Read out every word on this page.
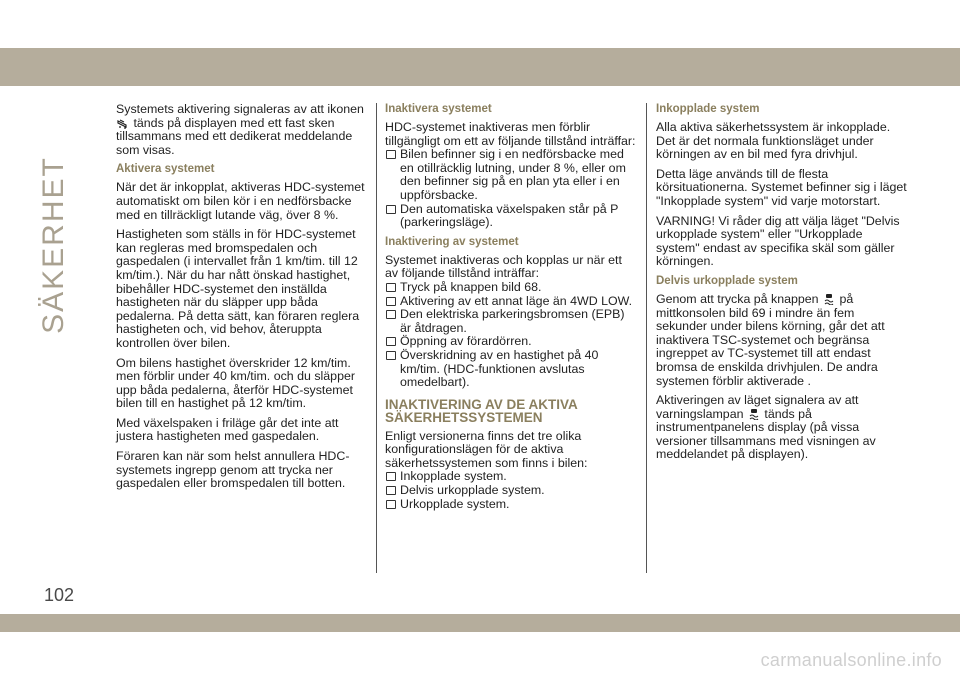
SÄKERHET

Systemets aktivering signaleras av att ikonen  tänds på displayen med ett fast sken tillsammans med ett dedikerat meddelande som visas.

Aktivera systemet

När det är inkopplat, aktiveras HDC-systemet automatiskt om bilen kör i en nedförsbacke med en tillräckligt lutande väg, över 8 %.

Hastigheten som ställs in för HDC-systemet kan regleras med bromspedalen och gaspedalen (i intervallet från 1 km/tim. till 12 km/tim.). När du har nått önskad hastighet, bibehåller HDC-systemet den inställda hastigheten när du släpper upp båda pedalerna. På detta sätt, kan föraren reglera hastigheten och, vid behov, återuppta kontrollen över bilen.

Om bilens hastighet överskrider 12 km/tim. men förblir under 40 km/tim. och du släpper upp båda pedalerna, återför HDC-systemet bilen till en hastighet på 12 km/tim.

Med växelspaken i friläge går det inte att justera hastigheten med gaspedalen.

Föraren kan när som helst annullera HDC-systemets ingrepp genom att trycka ner gaspedalen eller bromspedalen till botten.

Inaktivera systemet

HDC-systemet inaktiveras men förblir tillgängligt om ett av följande tillstånd inträffar:
Bilen befinner sig i en nedförsbacke med en otillräcklig lutning, under 8 %, eller om den befinner sig på en plan yta eller i en uppförsbacke.
Den automatiska växelspaken står på P (parkeringsläge).

Inaktivering av systemet

Systemet inaktiveras och kopplas ur när ett av följande tillstånd inträffar:
Tryck på knappen bild 68.
Aktivering av ett annat läge än 4WD LOW.
Den elektriska parkeringsbromsen (EPB) är åtdragen.
Öppning av förardörren.
Överskridning av en hastighet på 40 km/tim. (HDC-funktionen avslutas omedelbart).

INAKTIVERING AV DE AKTIVA
SÄKERHETSSYSTEMEN

Enligt versionerna finns det tre olika konfigurationslägen för de aktiva säkerhetssystemen som finns i bilen:
Inkopplade system.
Delvis urkopplade system.
Urkopplade system.

Inkopplade system

Alla aktiva säkerhetssystem är inkopplade. Det är det normala funktionsläget under körningen av en bil med fyra drivhjul.

Detta läge används till de flesta körsituationerna. Systemet befinner sig i läget "Inkopplade system" vid varje motorstart.

VARNING! Vi råder dig att välja läget "Delvis urkopplade system" eller "Urkopplade system" endast av specifika skäl som gäller körningen.

Delvis urkopplade system

Genom att trycka på knappen på mittkonsolen bild 69 i mindre än fem sekunder under bilens körning, går det att inaktivera TSC-systemet och begränsa ingreppet av TC-systemet till att endast bromsa de enskilda drivhjulen. De andra systemen förblir aktiverade .

Aktiveringen av läget signalera av att varningslampan tänds på instrumentpanelens display (på vissa versioner tillsammans med visningen av meddelandet på displayen).

102
carmanualsonline.info
